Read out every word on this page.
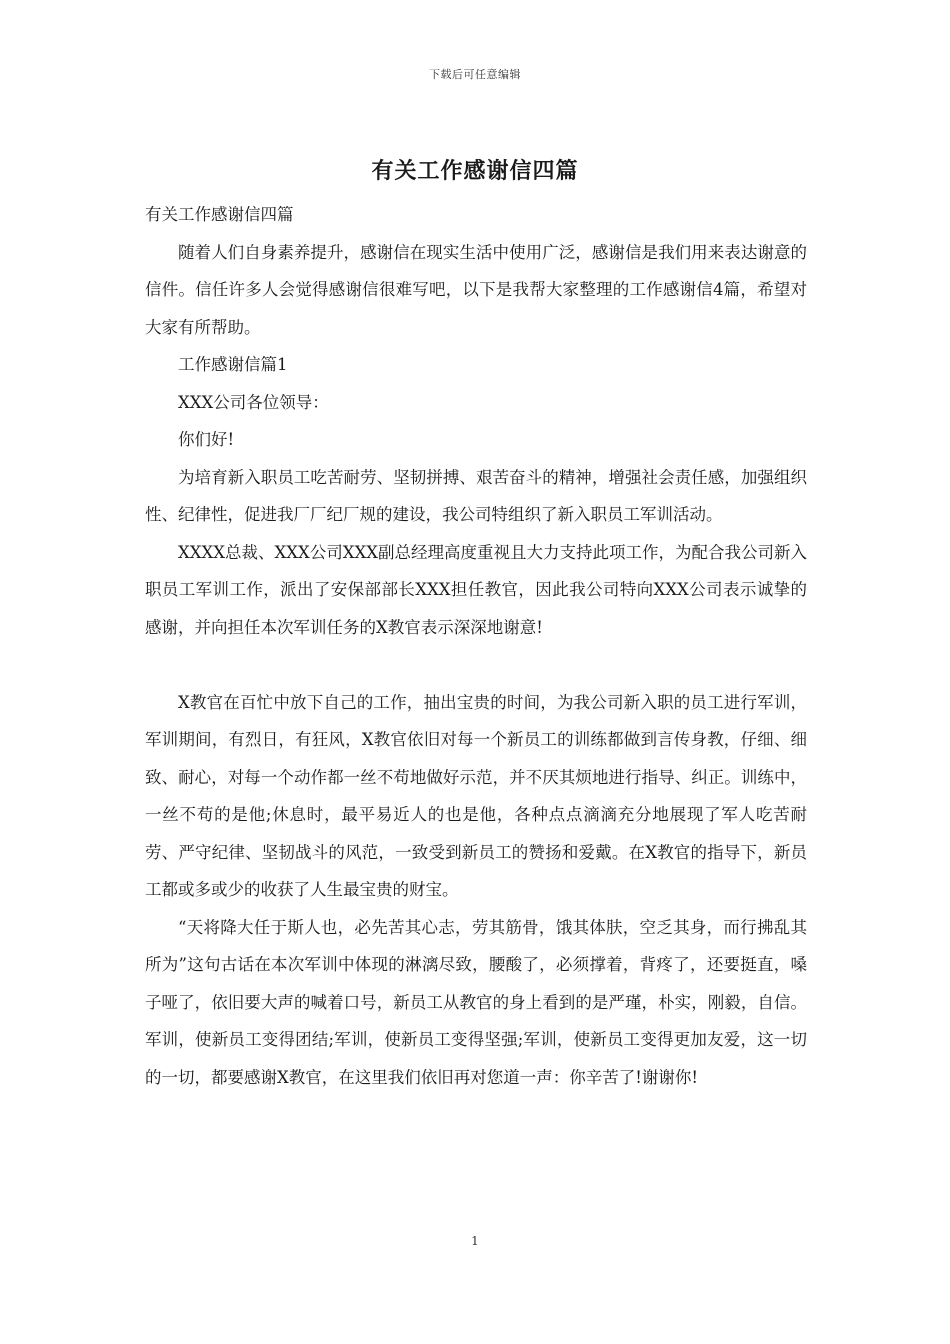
下载后可任意编辑
有关工作感谢信四篇

有关工作感谢信四篇

随着人们自身素养提升，感谢信在现实生活中使用广泛，感谢信是我们用来表达谢意的信件。信任许多人会觉得感谢信很难写吧，以下是我帮大家整理的工作感谢信4篇，希望对大家有所帮助。

工作感谢信篇1

XXX公司各位领导：

你们好!

为培育新入职员工吃苦耐劳、坚韧拼搏、艰苦奋斗的精神，增强社会责任感，加强组织性、纪律性，促进我厂厂纪厂规的建设，我公司特组织了新入职员工军训活动。

XXXX总裁、XXX公司XXX副总经理高度重视且大力支持此项工作，为配合我公司新入职员工军训工作，派出了安保部部长XXX担任教官，因此我公司特向XXX公司表示诚挚的感谢，并向担任本次军训任务的X教官表示深深地谢意!

X教官在百忙中放下自己的工作，抽出宝贵的时间，为我公司新入职的员工进行军训，军训期间，有烈日，有狂风，X教官依旧对每一个新员工的训练都做到言传身教，仔细、细致、耐心，对每一个动作都一丝不苟地做好示范，并不厌其烦地进行指导、纠正。训练中，一丝不苟的是他;休息时，最平易近人的也是他，各种点点滴滴充分地展现了军人吃苦耐劳、严守纪律、坚韧战斗的风范，一致受到新员工的赞扬和爱戴。在X教官的指导下，新员工都或多或少的收获了人生最宝贵的财宝。

“天将降大任于斯人也，必先苦其心志，劳其筋骨，饿其体肤，空乏其身，而行拂乱其所为”这句古话在本次军训中体现的淋漓尽致，腰酸了，必须撑着，背疼了，还要挺直，嗓子哑了，依旧要大声的喊着口号，新员工从教官的身上看到的是严瑾，朴实，刚毅，自信。军训，使新员工变得团结;军训，使新员工变得坚强;军训，使新员工变得更加友爱，这一切的一切，都要感谢X教官，在这里我们依旧再对您道一声：你辛苦了!谢谢你!

1
